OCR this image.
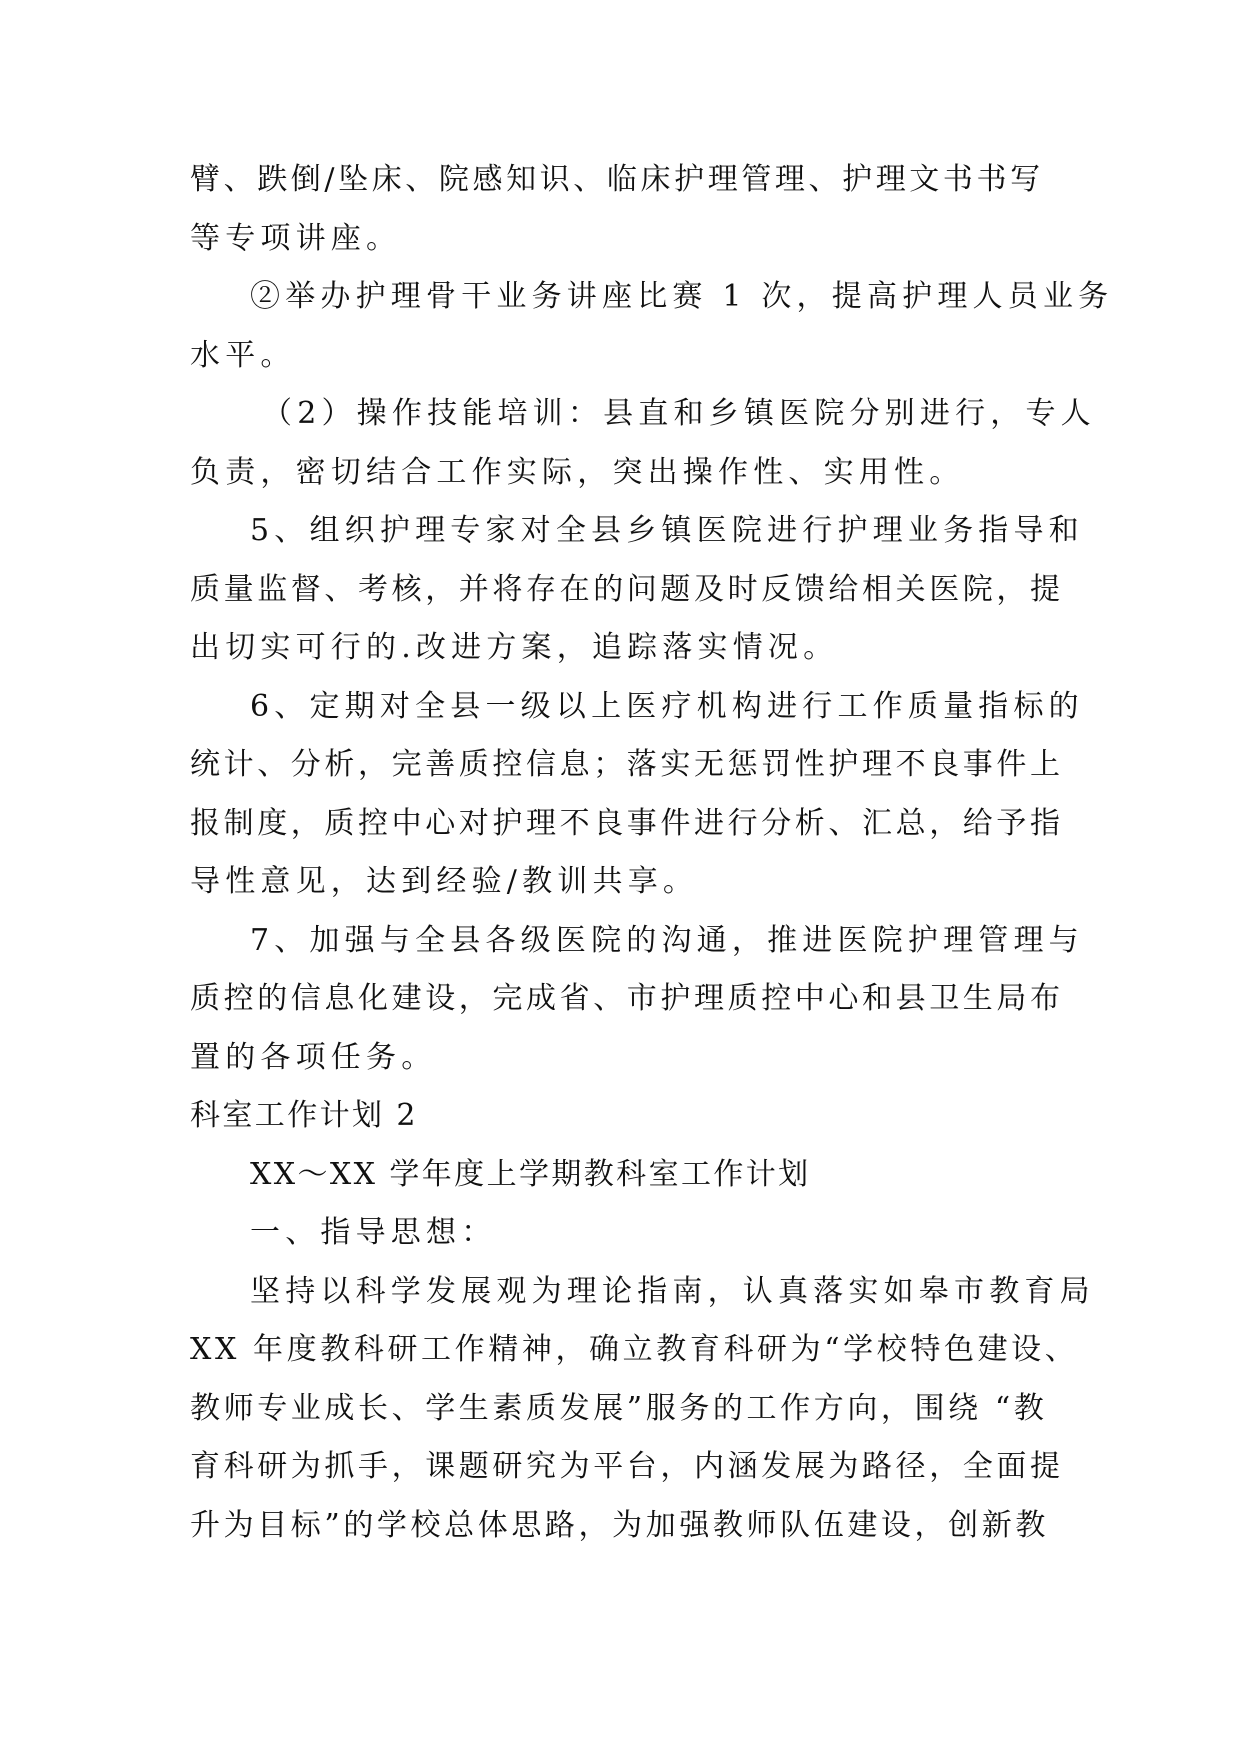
臂、跌倒/坠床、院感知识、临床护理管理、护理文书书写
等专项讲座。
②举办护理骨干业务讲座比赛 1 次，提高护理人员业务
水平。
（2）操作技能培训：县直和乡镇医院分别进行，专人
负责，密切结合工作实际，突出操作性、实用性。
5、组织护理专家对全县乡镇医院进行护理业务指导和
质量监督、考核，并将存在的问题及时反馈给相关医院，提
出切实可行的.改进方案，追踪落实情况。
6、定期对全县一级以上医疗机构进行工作质量指标的
统计、分析，完善质控信息；落实无惩罚性护理不良事件上
报制度，质控中心对护理不良事件进行分析、汇总，给予指
导性意见，达到经验/教训共享。
7、加强与全县各级医院的沟通，推进医院护理管理与
质控的信息化建设，完成省、市护理质控中心和县卫生局布
置的各项任务。
科室工作计划 2
XX～XX 学年度上学期教科室工作计划
一、指导思想：
坚持以科学发展观为理论指南，认真落实如皋市教育局
XX 年度教科研工作精神，确立教育科研为“学校特色建设、
教师专业成长、学生素质发展”服务的工作方向，围绕 “教
育科研为抓手，课题研究为平台，内涵发展为路径，全面提
升为目标”的学校总体思路，为加强教师队伍建设，创新教
